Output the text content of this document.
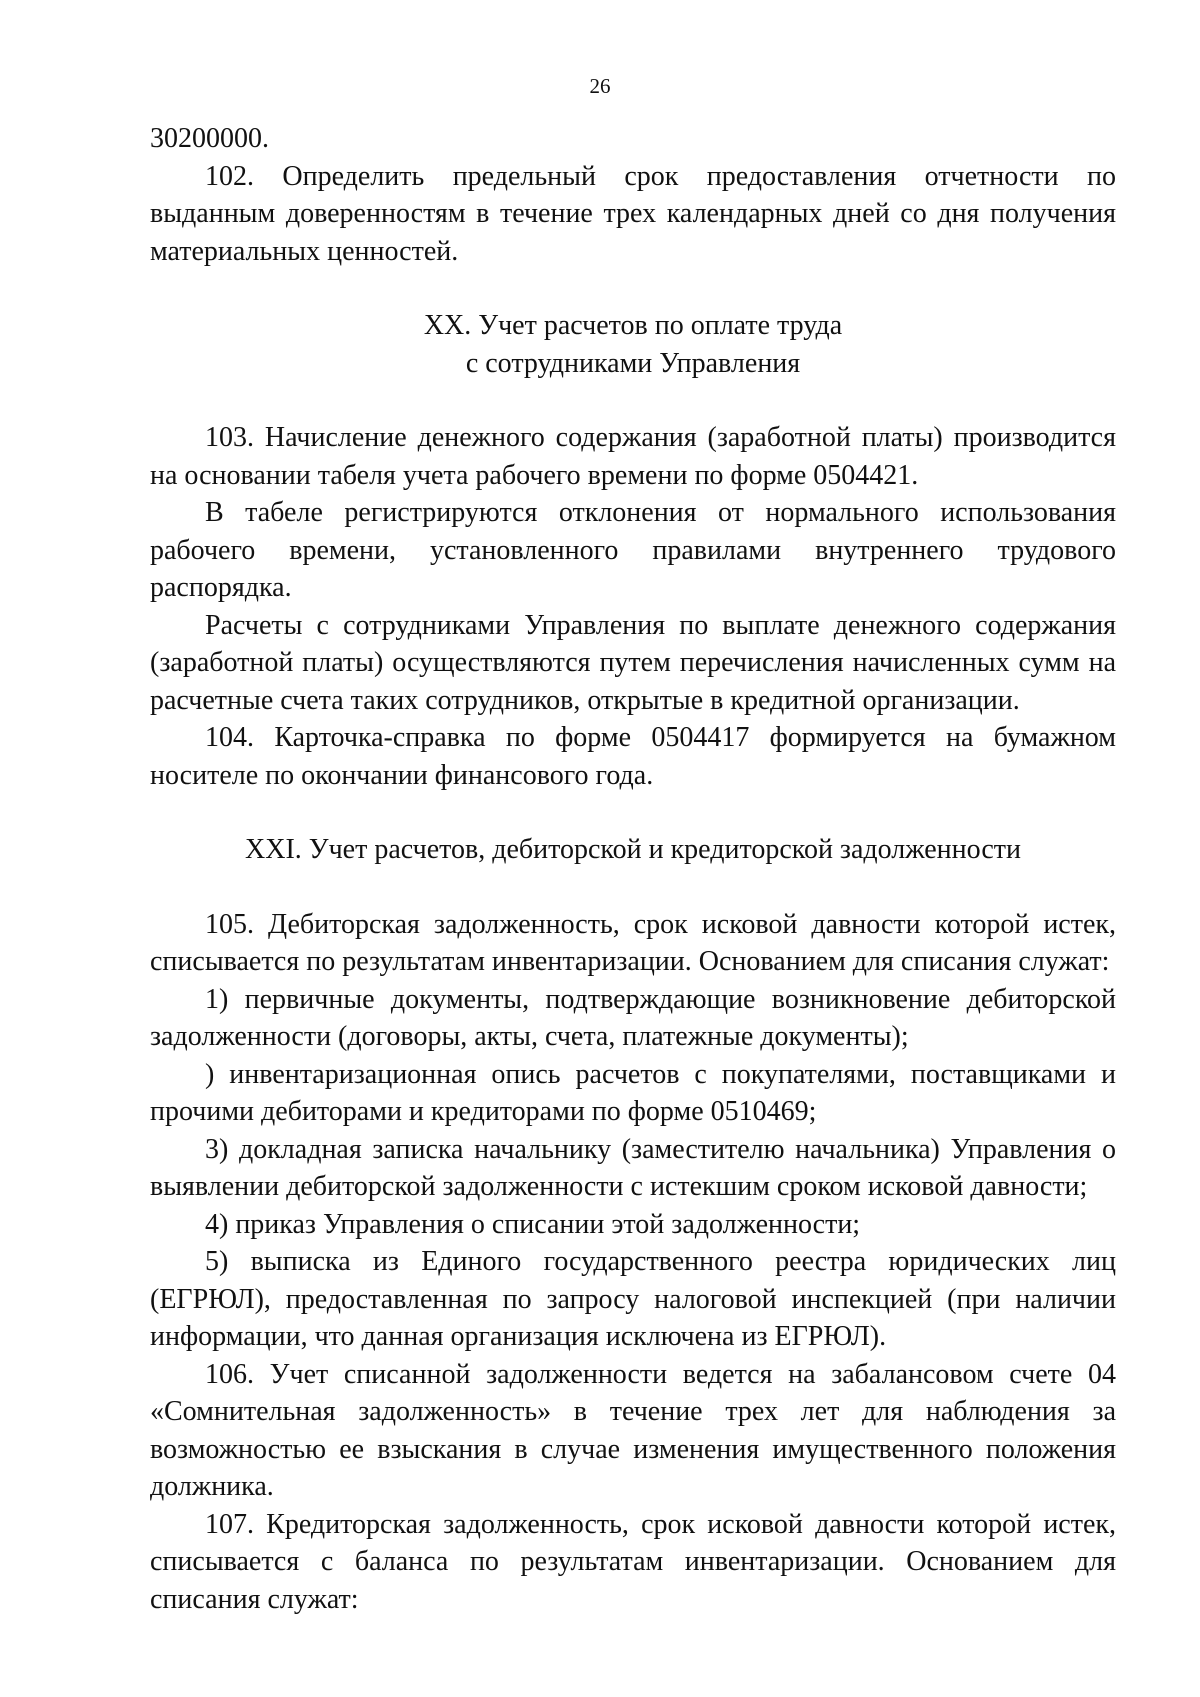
26

30200000.

102. Определить предельный срок предоставления отчетности по выданным доверенностям в течение трех календарных дней со дня получения материальных ценностей.

XX. Учет расчетов по оплате труда
с сотрудниками Управления

103. Начисление денежного содержания (заработной платы) производится на основании табеля учета рабочего времени по форме 0504421.

В табеле регистрируются отклонения от нормального использования рабочего времени, установленного правилами внутреннего трудового распорядка.

Расчеты с сотрудниками Управления по выплате денежного содержания (заработной платы) осуществляются путем перечисления начисленных сумм на расчетные счета таких сотрудников, открытые в кредитной организации.

104. Карточка-справка по форме 0504417 формируется на бумажном носителе по окончании финансового года.

XXI. Учет расчетов, дебиторской и кредиторской задолженности

105. Дебиторская задолженность, срок исковой давности которой истек, списывается по результатам инвентаризации. Основанием для списания служат:

1) первичные документы, подтверждающие возникновение дебиторской задолженности (договоры, акты, счета, платежные документы);

) инвентаризационная опись расчетов с покупателями, поставщиками и прочими дебиторами и кредиторами по форме 0510469;

3) докладная записка начальнику (заместителю начальника) Управления о выявлении дебиторской задолженности с истекшим сроком исковой давности;

4) приказ Управления о списании этой задолженности;

5) выписка из Единого государственного реестра юридических лиц (ЕГРЮЛ), предоставленная по запросу налоговой инспекцией (при наличии информации, что данная организация исключена из ЕГРЮЛ).

106. Учет списанной задолженности ведется на забалансовом счете 04 «Сомнительная задолженность» в течение трех лет для наблюдения за возможностью ее взыскания в случае изменения имущественного положения должника.

107. Кредиторская задолженность, срок исковой давности которой истек, списывается с баланса по результатам инвентаризации. Основанием для списания служат:
